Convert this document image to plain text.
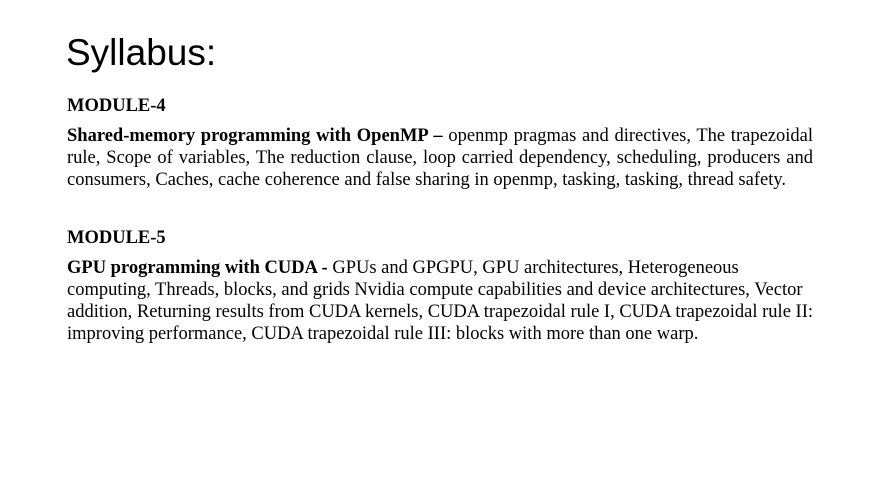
Syllabus:

MODULE-4

Shared-memory programming with OpenMP – openmp pragmas and directives, The trapezoidal rule, Scope of variables, The reduction clause, loop carried dependency, scheduling, producers and consumers, Caches, cache coherence and false sharing in openmp, tasking, tasking, thread safety.

MODULE-5

GPU programming with CUDA - GPUs and GPGPU, GPU architectures, Heterogeneous computing, Threads, blocks, and grids Nvidia compute capabilities and device architectures, Vector addition, Returning results from CUDA kernels, CUDA trapezoidal rule I, CUDA trapezoidal rule II: improving performance, CUDA trapezoidal rule III: blocks with more than one warp.
